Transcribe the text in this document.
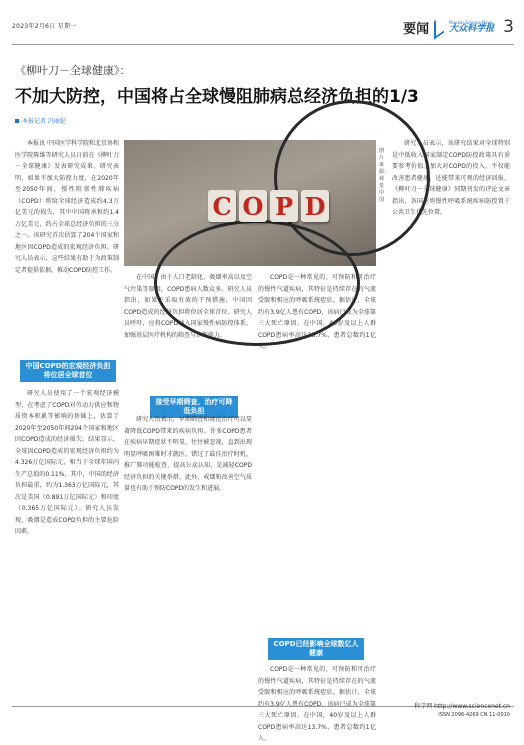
2023年2月6日 星期一	要闻	Popular Science News
大众科学报 3
《柳叶刀－全球健康》：
不加大防控，中国将占全球慢阻肺病总经济负担的1/3
本报记者 冯丽妃

本报讯 中国医学科学院和北京协和医学院陈维等研究人员日前在《柳叶刀－全球健康》发表研究成果。研究表明，如果不加大防控力度，在2020年至2050年间，慢性阻塞性肺疾病（COPD）将给全球经济造成约4.3万亿美元的损失，其中中国将承担约1.4万亿美元，约占全球总经济负担的三分之一。该研究首次估算了204个国家和地区因COPD造成的宏观经济负担。研究人员表示，这些结果有助于为政策制定者提供依据，推动COPD防控工作。

中国COPD的宏观经济负担将位居全球首位

研究人员使用了一个宏观经济模型，在考虑了COPD对劳动力供应和物质资本积累等影响的基础上，估算了2020年至2050年间204个国家和地区因COPD造成的经济损失。结果显示，全球因COPD造成的宏观经济负担约为4.326万亿国际元，相当于全球年国内生产总值的0.11%。其中，中国的经济负担最重，约为1.363万亿国际元，其次是美国（0.891万亿国际元）和印度（0.365万亿国际元）。研究人员发现，吸烟是造成COPD负担的主要危险因素。

C O P D
图片来源：视觉中国

在中国，由于人口老龄化、吸烟率高以及空气污染等原因，COPD患病人数众多。研究人员指出，如果不采取有效的干预措施，中国因COPD造成的经济负担将位居全球首位。研究人员呼吁，应将COPD纳入国家慢性病防控体系，加强基层医疗机构的筛查与诊断能力。

接受早期筛查、治疗可降低负担

研究人员表示，早期筛查和规范治疗可以显著降低COPD带来的疾病负担。许多COPD患者在疾病早期症状不明显，往往被忽视，直到出现明显呼吸困难时才就医，错过了最佳治疗时机。推广肺功能检查、提高公众认知，是减轻COPD经济负担的关键举措。此外，戒烟和改善空气质量也有助于预防COPD的发生和进展。

COPD是一种常见的、可预防和可治疗的慢性气道疾病，其特征是持续存在的气流受限和相应的呼吸系统症状。据估计，全球约有3.9亿人患有COPD，该病已成为全球第三大死亡原因。在中国，40岁及以上人群COPD患病率高达13.7%，患者总数约1亿人。

COPD已经影响全球数亿人健康

COPD是一种常见的、可预防和可治疗的慢性气道疾病，其特征是持续存在的气流受限和相应的呼吸系统症状。据估计，全球约有3.9亿人患有COPD，该病已成为全球第三大死亡原因。在中国，40岁及以上人群COPD患病率高达13.7%，患者总数约1亿人。

研究人员表示，该研究结果对全球特别是中低收入国家制定COPD防控政策具有重要参考价值。加大对COPD的投入，不仅能改善患者健康，还能带来可观的经济回报。《柳叶刀－全球健康》同期刊发的评论文章指出，各国应将慢性呼吸系统疾病防控置于公共卫生优先位置。

科学网 http://www.sciencenet.cn
ISSN 2096-4269 CN 11-0010
